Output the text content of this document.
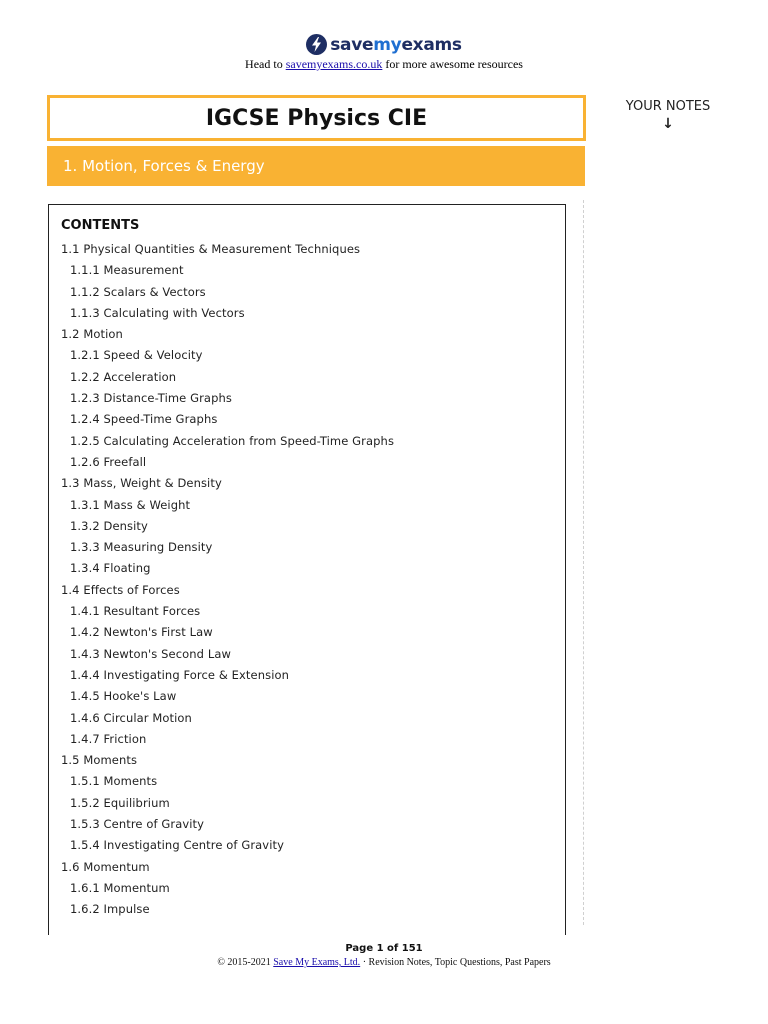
savemyexams
Head to savemyexams.co.uk for more awesome resources
IGCSE Physics CIE
1. Motion, Forces & Energy
YOUR NOTES
↓
CONTENTS
1.1 Physical Quantities & Measurement Techniques
1.1.1 Measurement
1.1.2 Scalars & Vectors
1.1.3 Calculating with Vectors
1.2 Motion
1.2.1 Speed & Velocity
1.2.2 Acceleration
1.2.3 Distance-Time Graphs
1.2.4 Speed-Time Graphs
1.2.5 Calculating Acceleration from Speed-Time Graphs
1.2.6 Freefall
1.3 Mass, Weight & Density
1.3.1 Mass & Weight
1.3.2 Density
1.3.3 Measuring Density
1.3.4 Floating
1.4 Effects of Forces
1.4.1 Resultant Forces
1.4.2 Newton's First Law
1.4.3 Newton's Second Law
1.4.4 Investigating Force & Extension
1.4.5 Hooke's Law
1.4.6 Circular Motion
1.4.7 Friction
1.5 Moments
1.5.1 Moments
1.5.2 Equilibrium
1.5.3 Centre of Gravity
1.5.4 Investigating Centre of Gravity
1.6 Momentum
1.6.1 Momentum
1.6.2 Impulse
Page 1 of 151
© 2015-2021 Save My Exams, Ltd. · Revision Notes, Topic Questions, Past Papers
